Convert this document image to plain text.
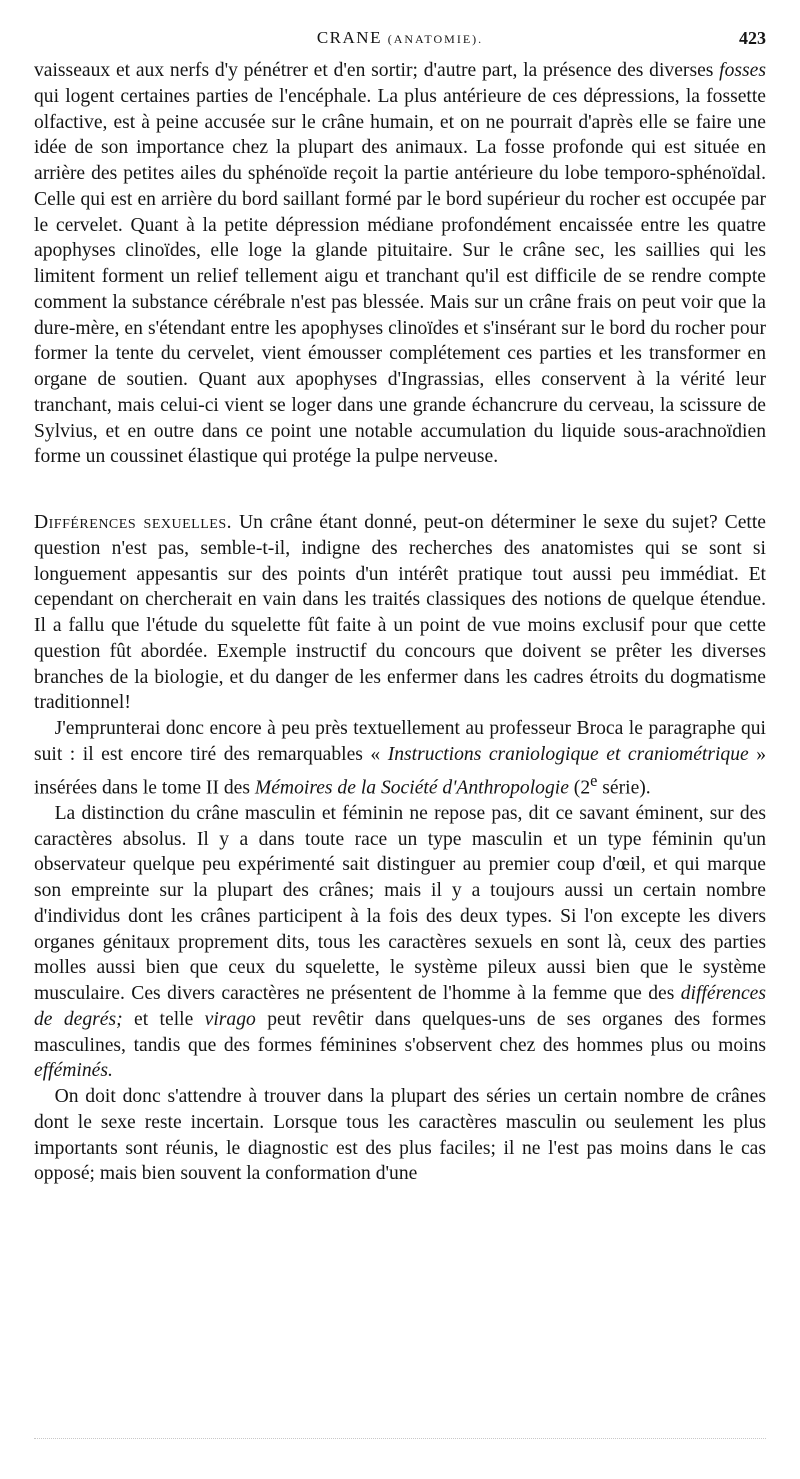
CRANE (ANATOMIE).	423

vaisseaux et aux nerfs d'y pénétrer et d'en sortir; d'autre part, la présence des diverses fosses qui logent certaines parties de l'encéphale. La plus antérieure de ces dépressions, la fossette olfactive, est à peine accusée sur le crâne humain, et on ne pourrait d'après elle se faire une idée de son importance chez la plupart des animaux. La fosse profonde qui est située en arrière des petites ailes du sphénoïde reçoit la partie antérieure du lobe temporo-sphénoïdal. Celle qui est en arrière du bord saillant formé par le bord supérieur du rocher est occupée par le cervelet. Quant à la petite dépression médiane profondément encaissée entre les quatre apophyses clinoïdes, elle loge la glande pituitaire. Sur le crâne sec, les saillies qui les limitent forment un relief tellement aigu et tranchant qu'il est difficile de se rendre compte comment la substance cérébrale n'est pas blessée. Mais sur un crâne frais on peut voir que la dure-mère, en s'étendant entre les apophyses clinoïdes et s'insérant sur le bord du rocher pour former la tente du cervelet, vient émousser complétement ces parties et les transformer en organe de soutien. Quant aux apophyses d'Ingrassias, elles conservent à la vérité leur tranchant, mais celui-ci vient se loger dans une grande échancrure du cerveau, la scissure de Sylvius, et en outre dans ce point une notable accumulation du liquide sous-arachnoïdien forme un coussinet élastique qui protége la pulpe nerveuse.

Différences sexuelles. Un crâne étant donné, peut-on déterminer le sexe du sujet? Cette question n'est pas, semble-t-il, indigne des recherches des anatomistes qui se sont si longuement appesantis sur des points d'un intérêt pratique tout aussi peu immédiat. Et cependant on chercherait en vain dans les traités classiques des notions de quelque étendue. Il a fallu que l'étude du squelette fût faite à un point de vue moins exclusif pour que cette question fût abordée. Exemple instructif du concours que doivent se prêter les diverses branches de la biologie, et du danger de les enfermer dans les cadres étroits du dogmatisme traditionnel!

J'emprunterai donc encore à peu près textuellement au professeur Broca le paragraphe qui suit : il est encore tiré des remarquables « Instructions craniologique et craniométrique » insérées dans le tome II des Mémoires de la Société d'Anthropologie (2e série).

La distinction du crâne masculin et féminin ne repose pas, dit ce savant éminent, sur des caractères absolus. Il y a dans toute race un type masculin et un type féminin qu'un observateur quelque peu expérimenté sait distinguer au premier coup d'œil, et qui marque son empreinte sur la plupart des crânes; mais il y a toujours aussi un certain nombre d'individus dont les crânes participent à la fois des deux types. Si l'on excepte les divers organes génitaux proprement dits, tous les caractères sexuels en sont là, ceux des parties molles aussi bien que ceux du squelette, le système pileux aussi bien que le système musculaire. Ces divers caractères ne présentent de l'homme à la femme que des différences de degrés; et telle virago peut revêtir dans quelques-uns de ses organes des formes masculines, tandis que des formes féminines s'observent chez des hommes plus ou moins efféminés.

On doit donc s'attendre à trouver dans la plupart des séries un certain nombre de crânes dont le sexe reste incertain. Lorsque tous les caractères masculin ou seulement les plus importants sont réunis, le diagnostic est des plus faciles; il ne l'est pas moins dans le cas opposé; mais bien souvent la conformation d'une
